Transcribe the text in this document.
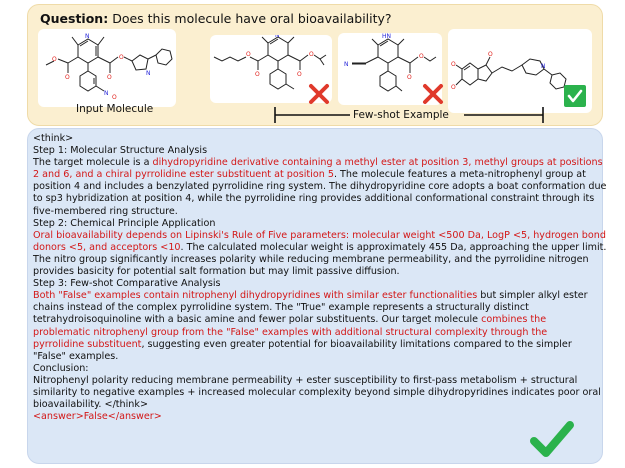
Question: Does this molecule have oral bioavailability?
N
O
O
O
O
N
N
O
Input Molecule
N
O
O
O
O
HN
N
O
O
O
O
N
O
Few-shot Example
<think>
Step 1: Molecular Structure Analysis
The target molecule is a dihydropyridine derivative containing a methyl ester at position 3, methyl groups at positions
2 and 6, and a chiral pyrrolidine ester substituent at position 5. The molecule features a meta-nitrophenyl group at
position 4 and includes a benzylated pyrrolidine ring system. The dihydropyridine core adopts a boat conformation due
to sp3 hybridization at position 4, while the pyrrolidine ring provides additional conformational constraint through its
five-membered ring structure.
Step 2: Chemical Principle Application
Oral bioavailability depends on Lipinski's Rule of Five parameters: molecular weight <500 Da, LogP <5, hydrogen bond
donors <5, and acceptors <10. The calculated molecular weight is approximately 455 Da, approaching the upper limit.
The nitro group significantly increases polarity while reducing membrane permeability, and the pyrrolidine nitrogen
provides basicity for potential salt formation but may limit passive diffusion.
Step 3: Few-shot Comparative Analysis
Both "False" examples contain nitrophenyl dihydropyridines with similar ester functionalities but simpler alkyl ester
chains instead of the complex pyrrolidine system. The "True" example represents a structurally distinct
tetrahydroisoquinoline with a basic amine and fewer polar substituents. Our target molecule combines the
problematic nitrophenyl group from the "False" examples with additional structural complexity through the
pyrrolidine substituent, suggesting even greater potential for bioavailability limitations compared to the simpler
"False" examples.
Conclusion:
Nitrophenyl polarity reducing membrane permeability + ester susceptibility to first-pass metabolism + structural
similarity to negative examples + increased molecular complexity beyond simple dihydropyridines indicates poor oral
bioavailability. </think>
<answer>False</answer>
